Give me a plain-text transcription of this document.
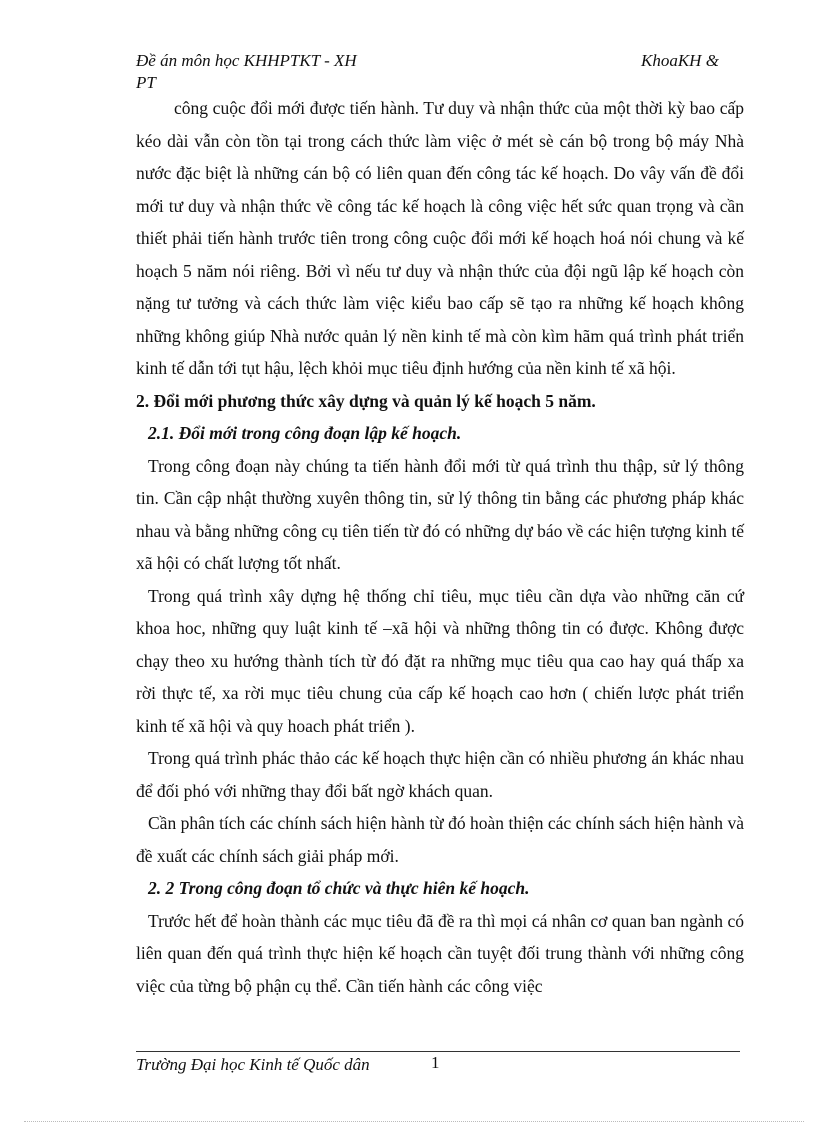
Đề án môn học KHHPTKT - XH
PT
KhoaKH &

công cuộc đổi mới được tiến hành. Tư duy và nhận thức của một thời kỳ bao cấp kéo dài vẫn còn tồn tại trong cách thức làm việc ở mét sè cán bộ trong bộ máy Nhà nước đặc biệt là những cán bộ có liên quan đến công tác kế hoạch. Do vây vấn đề đổi mới tư duy và nhận thức về công tác kế hoạch là công việc hết sức quan trọng và cần thiết phải tiến hành trước tiên trong công cuộc đổi mới kế hoạch hoá nói chung và kế hoạch 5 năm nói riêng. Bởi vì nếu tư duy và nhận thức của đội ngũ lập kế hoạch còn nặng tư tưởng và cách thức làm việc kiểu bao cấp sẽ tạo ra những kế hoạch không những không giúp Nhà nước quản lý nền kinh tế mà còn kìm hãm quá trình phát triển kinh tế dẫn tới tụt hậu, lệch khỏi mục tiêu định hướng của nền kinh tế xã hội.

2. Đổi mới phương thức xây dựng và quản lý kế hoạch 5 năm.

2.1. Đổi mới trong công đoạn lập kế hoạch.

Trong công đoạn này chúng ta tiến hành đổi mới từ quá trình thu thập, sử lý thông tin. Cần cập nhật thường xuyên thông tin, sử lý thông tin bằng các phương pháp khác nhau và bằng những công cụ tiên tiến từ đó có những dự báo về các hiện tượng kinh tế xã hội có chất lượng tốt nhất.

Trong quá trình xây dựng hệ thống chỉ tiêu, mục tiêu cần dựa vào những căn cứ khoa hoc, những quy luật kinh tế –xã hội và những thông tin có được. Không được chạy theo xu hướng thành tích từ đó đặt ra những mục tiêu qua cao hay quá thấp xa rời thực tế, xa rời mục tiêu chung của cấp kế hoạch cao hơn ( chiến lược phát triển kinh tế xã hội và quy hoach phát triển ).

Trong quá trình phác thảo các kế hoạch thực hiện cần có nhiều phương án khác nhau để đối phó với những thay đổi bất ngờ khách quan.

Cần phân tích các chính sách hiện hành từ đó hoàn thiện các chính sách hiện hành và đề xuất các chính sách giải pháp mới.

2. 2 Trong công đoạn tổ chức và thực hiên kế hoạch.

Trước hết để hoàn thành các mục tiêu đã đề ra thì mọi cá nhân cơ quan ban ngành có liên quan đến quá trình thực hiện kế hoạch cần tuyệt đối trung thành với những công việc của từng bộ phận cụ thể. Cần tiến hành các công việc

Trường Đại học Kinh tế Quốc dân	1
